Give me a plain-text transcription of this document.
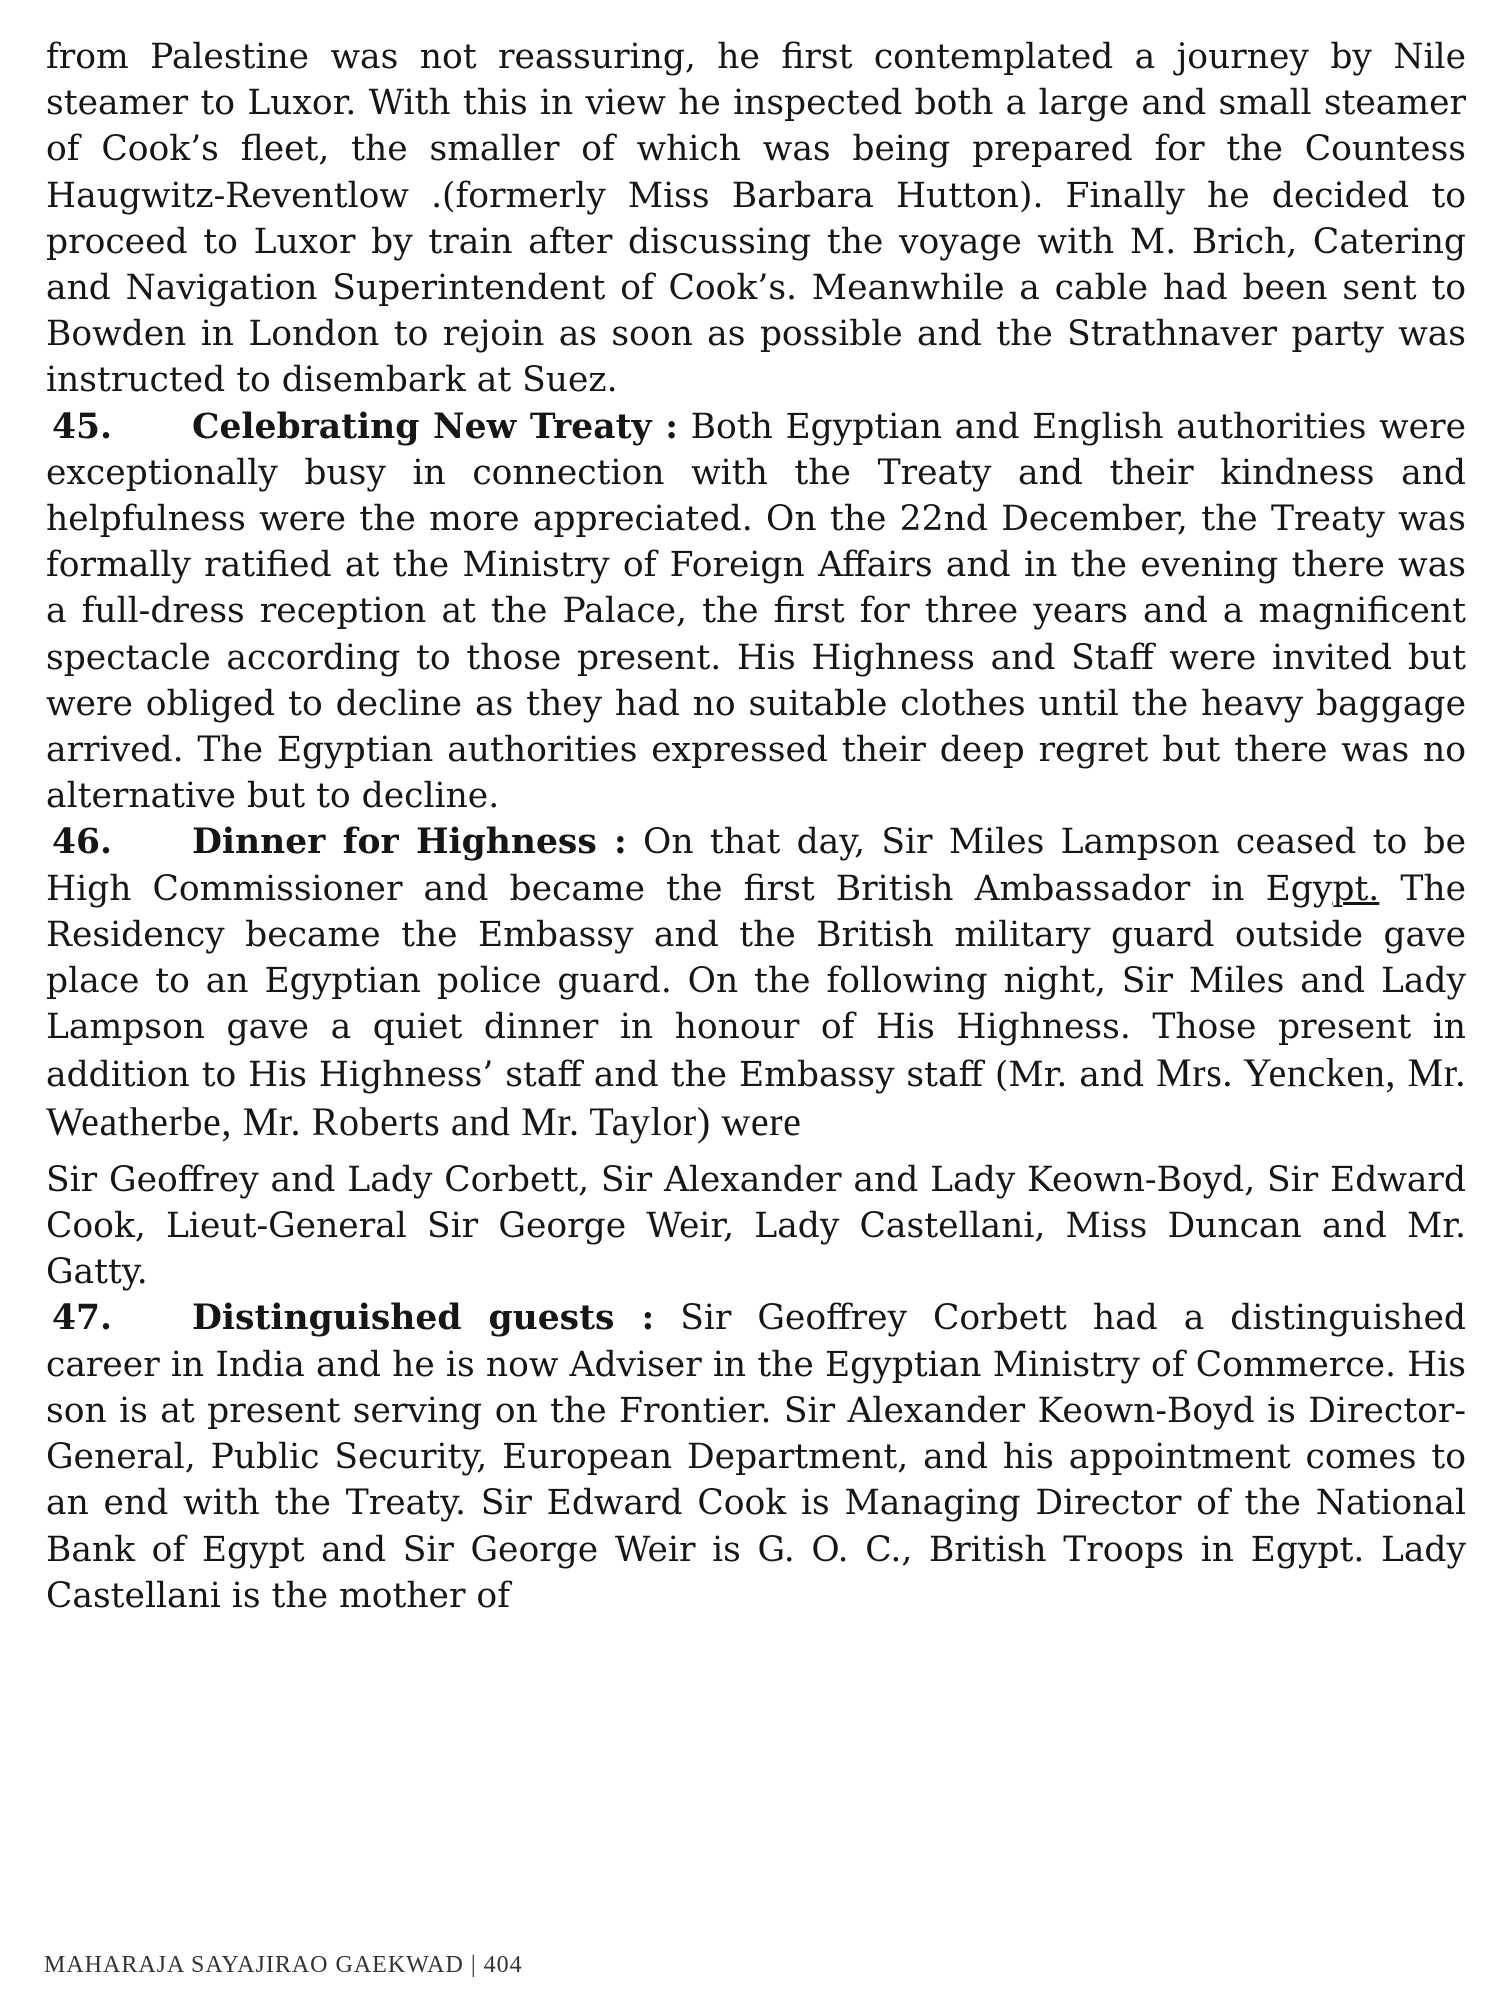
from Palestine was not reassuring, he first contemplated a journey by Nile steamer to Luxor. With this in view he inspected both a large and small steamer of Cook’s fleet, the smaller of which was being prepared for the Countess Haugwitz-Reventlow .(formerly Miss Barbara Hutton). Finally he decided to proceed to Luxor by train after discussing the voyage with M. Brich, Catering and Navigation Superintendent of Cook’s. Meanwhile a cable had been sent to Bowden in London to rejoin as soon as possible and the Strathnaver party was instructed to disembark at Suez.

45. Celebrating New Treaty : Both Egyptian and English authorities were exceptionally busy in connection with the Treaty and their kindness and helpfulness were the more appreciated. On the 22nd December, the Treaty was formally ratified at the Ministry of Foreign Affairs and in the evening there was a full-dress reception at the Palace, the first for three years and a magnificent spectacle according to those present. His Highness and Staff were invited but were obliged to decline as they had no suitable clothes until the heavy baggage arrived. The Egyptian authorities expressed their deep regret but there was no alternative but to decline.

46. Dinner for Highness : On that day, Sir Miles Lampson ceased to be High Commissioner and became the first British Ambassador in Egypt. The Residency became the Embassy and the British military guard outside gave place to an Egyptian police guard. On the following night, Sir Miles and Lady Lampson gave a quiet dinner in honour of His Highness. Those present in addition to His Highness’ staff and the Embassy staff (Mr. and Mrs. Yencken, Mr. Weatherbe, Mr. Roberts and Mr. Taylor) were
Sir Geoffrey and Lady Corbett, Sir Alexander and Lady Keown-Boyd, Sir Edward Cook, Lieut-General Sir George Weir, Lady Castellani, Miss Duncan and Mr. Gatty.

47. Distinguished guests : Sir Geoffrey Corbett had a distinguished career in India and he is now Adviser in the Egyptian Ministry of Commerce. His son is at present serving on the Frontier. Sir Alexander Keown-Boyd is Director-General, Public Security, European Department, and his appointment comes to an end with the Treaty. Sir Edward Cook is Managing Director of the National Bank of Egypt and Sir George Weir is G. O. C., British Troops in Egypt. Lady Castellani is the mother of

MAHARAJA SAYAJIRAO GAEKWAD | 404
